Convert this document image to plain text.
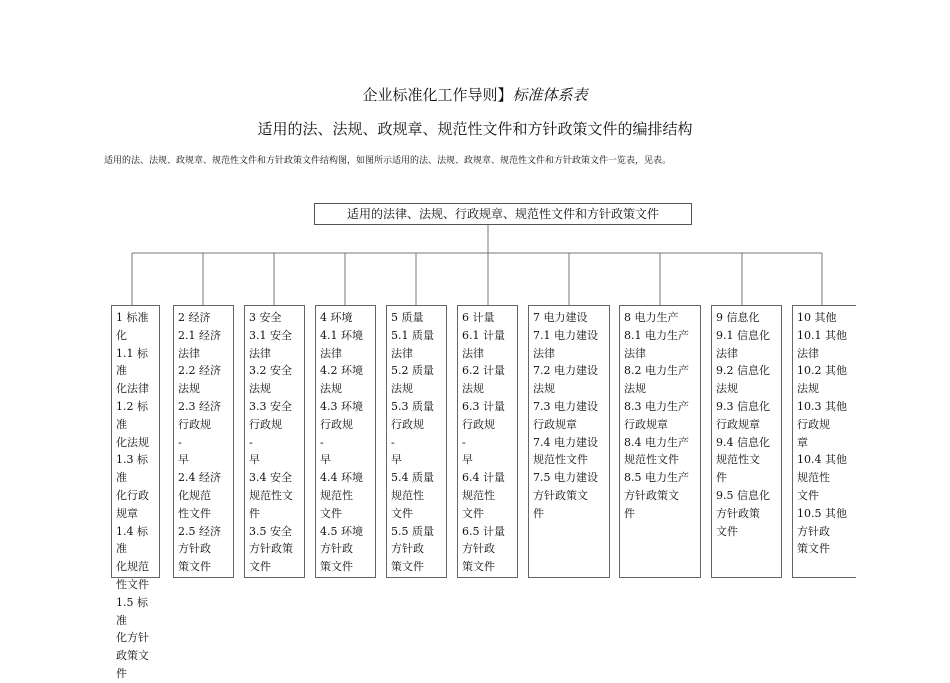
企业标准化工作导则】标准体系表
适用的法、法规、政规章、规范性文件和方针政策文件的编排结构
适用的法、法规、政规章、规范性文件和方针政策文件结构图，如图所示适用的法、法规、政规章、规范性文件和方针政策文件一览表，见表。
适用的法律、法规、行政规章、规范性文件和方针政策文件
1 标准化
1.1 标准
化法律
1.2 标准
化法规
1.3 标准
化行政
规章
1.4 标准
化规范
性文件
1.5 标准
化方针
政策文
件
2 经济
2.1 经济
法律
2.2 经济
法规
2.3 经济
行政规
-
早
2.4 经济
化规范
性文件
2.5 经济
方针政
策文件
3 安全
3.1 安全
法律
3.2 安全
法规
3.3 安全
行政规
-
早
3.4 安全
规范性文
件
3.5 安全
方针政策
文件
4 环境
4.1 环境
法律
4.2 环境
法规
4.3 环境
行政规
-
早
4.4 环境
规范性
文件
4.5 环境
方针政
策文件
5 质量
5.1 质量
法律
5.2 质量
法规
5.3 质量
行政规
-
早
5.4 质量
规范性
文件
5.5 质量
方针政
策文件
6 计量
6.1 计量
法律
6.2 计量
法规
6.3 计量
行政规
-
早
6.4 计量
规范性
文件
6.5 计量
方针政
策文件
7 电力建设
7.1 电力建设
法律
7.2 电力建设
法规
7.3 电力建设
行政规章
7.4 电力建设
规范性文件
7.5 电力建设
方针政策文
件
8 电力生产
8.1 电力生产
法律
8.2 电力生产
法规
8.3 电力生产
行政规章
8.4 电力生产
规范性文件
8.5 电力生产
方针政策文
件
9 信息化
9.1 信息化
法律
9.2 信息化
法规
9.3 信息化
行政规章
9.4 信息化
规范性文
件
9.5 信息化
方针政策
文件
10 其他
10.1 其他
法律
10.2 其他
法规
10.3 其他
行政规
章
10.4 其他
规范性
文件
10.5 其他
方针政
策文件
